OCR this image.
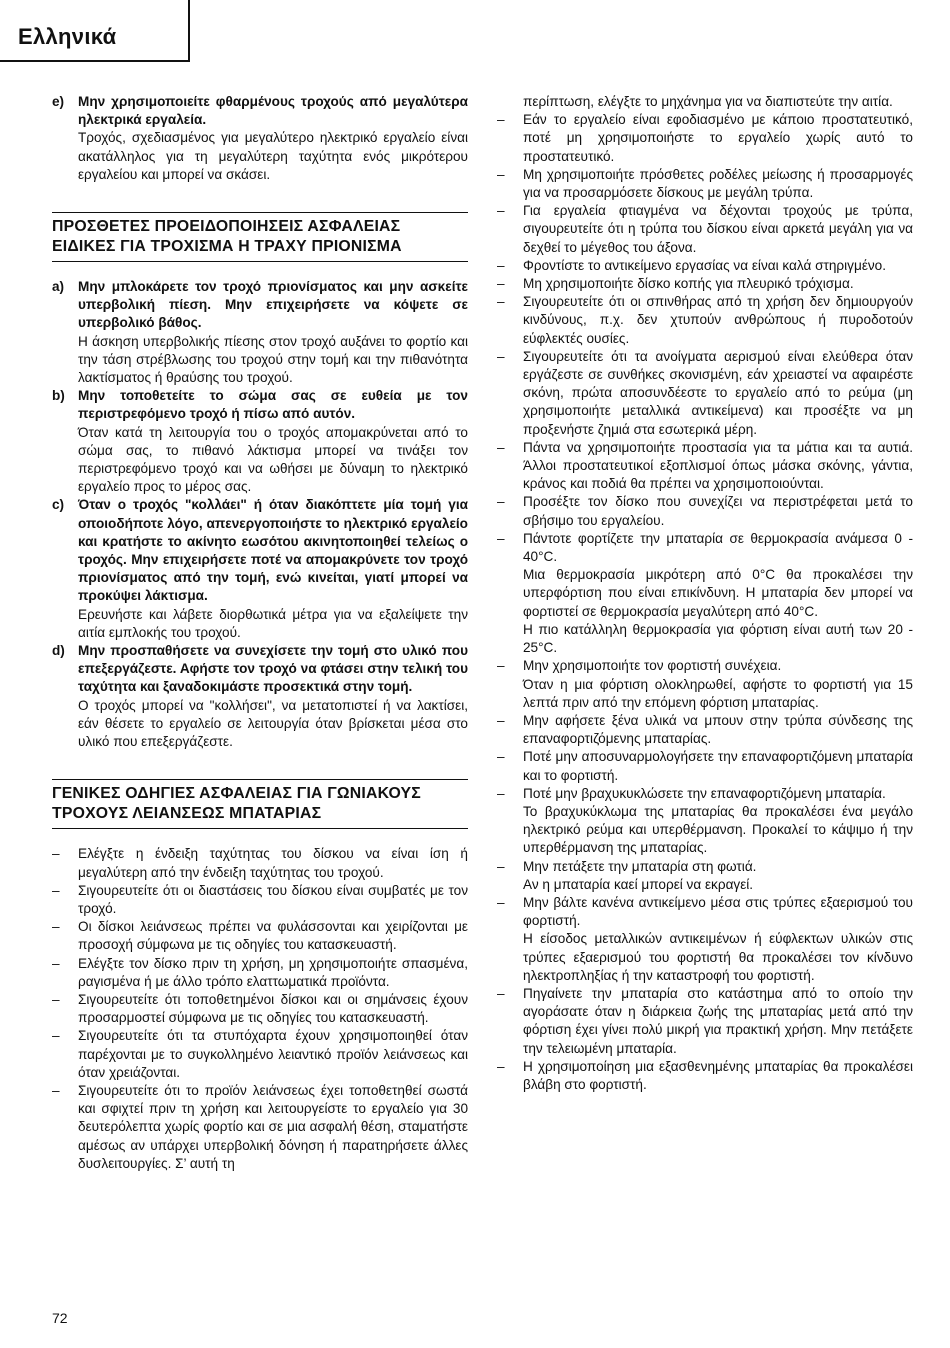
Ελληνικά
e) Μην χρησιμοποιείτε φθαρμένους τροχούς από μεγαλύτερα ηλεκτρικά εργαλεία.
Τροχός, σχεδιασμένος για μεγαλύτερο ηλεκτρικό εργαλείο είναι ακατάλληλος για τη μεγαλύτερη ταχύτητα ενός μικρότερου εργαλείου και μπορεί να σκάσει.
ΠΡΟΣΘΕΤΕΣ ΠΡΟΕΙΔΟΠΟΙΗΣΕΙΣ ΑΣΦΑΛΕΙΑΣ
ΕΙΔΙΚΕΣ ΓΙΑ ΤΡΟΧΙΣΜΑ Η ΤΡΑΧΥ ΠΡΙΟΝΙΣΜΑ
a) Μην μπλοκάρετε τον τροχό πριονίσματος και μην ασκείτε υπερβολική πίεση. Μην επιχειρήσετε να κόψετε σε υπερβολικό βάθος.
Η άσκηση υπερβολικής πίεσης στον τροχό αυξάνει το φορτίο και την τάση στρέβλωσης του τροχού στην τομή και την πιθανότητα λακτίσματος ή θραύσης του τροχού.
b) Μην τοποθετείτε το σώμα σας σε ευθεία με τον περιστρεφόμενο τροχό ή πίσω από αυτόν.
Όταν κατά τη λειτουργία του ο τροχός απομακρύνεται από το σώμα σας, το πιθανό λάκτισμα μπορεί να τινάξει τον περιστρεφόμενο τροχό και να ωθήσει με δύναμη το ηλεκτρικό εργαλείο προς το μέρος σας.
c) Όταν ο τροχός "κολλάει" ή όταν διακόπτετε μία τομή για οποιοδήποτε λόγο, απενεργοποιήστε το ηλεκτρικό εργαλείο και κρατήστε το ακίνητο εωσότου ακινητοποιηθεί τελείως ο τροχός. Μην επιχειρήσετε ποτέ να απομακρύνετε τον τροχό πριονίσματος από την τομή, ενώ κινείται, γιατί μπορεί να προκύψει λάκτισμα.
Ερευνήστε και λάβετε διορθωτικά μέτρα για να εξαλείψετε την αιτία εμπλοκής του τροχού.
d) Μην προσπαθήσετε να συνεχίσετε την τομή στο υλικό που επεξεργάζεστε. Αφήστε τον τροχό να φτάσει στην τελική του ταχύτητα και ξαναδοκιμάστε προσεκτικά στην τομή.
Ο τροχός μπορεί να "κολλήσει", να μετατοπιστεί ή να λακτίσει, εάν θέσετε το εργαλείο σε λειτουργία όταν βρίσκεται μέσα στο υλικό που επεξεργάζεστε.
ΓΕΝΙΚΕΣ ΟΔΗΓΙΕΣ ΑΣΦΑΛΕΙΑΣ ΓΙΑ ΓΩΝΙΑΚΟΥΣ
ΤΡΟΧΟΥΣ ΛΕΙΑΝΣΕΩΣ ΜΠΑΤΑΡΙΑΣ
– Ελέγξτε η ένδειξη ταχύτητας του δίσκου να είναι ίση ή μεγαλύτερη από την ένδειξη ταχύτητας του τροχού.
– Σιγουρευτείτε ότι οι διαστάσεις του δίσκου είναι συμβατές με τον τροχό.
– Οι δίσκοι λειάνσεως πρέπει να φυλάσσονται και χειρίζονται με προσοχή σύμφωνα με τις οδηγίες του κατασκευαστή.
– Ελέγξτε τον δίσκο πριν τη χρήση, μη χρησιμοποιήτε σπασμένα, ραγισμένα ή με άλλο τρόπο ελαττωματικά προϊόντα.
– Σιγουρευτείτε ότι τοποθετημένοι δίσκοι και οι σημάνσεις έχουν προσαρμοστεί σύμφωνα με τις οδηγίες του κατασκευαστή.
– Σιγουρευτείτε ότι τα στυπόχαρτα έχουν χρησιμοποιηθεί όταν παρέχονται με το συγκολλημένο λειαντικό προϊόν λειάνσεως και όταν χρειάζονται.
– Σιγουρευτείτε ότι το προϊόν λειάνσεως έχει τοποθετηθεί σωστά και σφιχτεί πριν τη χρήση και λειτουργείστε το εργαλείο για 30 δευτερόλεπτα χωρίς φορτίο και σε μια ασφαλή θέση, σταματήστε αμέσως αν υπάρχει υπερβολική δόνηση ή παρατηρήσετε άλλες δυσλειτουργίες. Σ’ αυτή τη
περίπτωση, ελέγξτε το μηχάνημα για να διαπιστεύτε την αιτία.
– Εάν το εργαλείο είναι εφοδιασμένο με κάποιο προστατευτικό, ποτέ μη χρησιμοποιήστε το εργαλείο χωρίς αυτό το προστατευτικό.
– Μη χρησιμοποιήτε πρόσθετες ροδέλες μείωσης ή προσαρμογές για να προσαρμόσετε δίσκους με μεγάλη τρύπα.
– Για εργαλεία φτιαγμένα να δέχονται τροχούς με τρύπα, σιγουρευτείτε ότι η τρύπα του δίσκου είναι αρκετά μεγάλη για να δεχθεί το μέγεθος του άξονα.
– Φροντίστε το αντικείμενο εργασίας να είναι καλά στηριγμένο.
– Μη χρησιμοποιήτε δίσκο κοπής για πλευρικό τρόχισμα.
– Σιγουρευτείτε ότι οι σπινθήρας από τη χρήση δεν δημιουργούν κινδύνους, π.χ. δεν χτυπούν ανθρώπους ή πυροδοτούν εύφλεκτές ουσίες.
– Σιγουρευτείτε ότι τα ανοίγματα αερισμού είναι ελεύθερα όταν εργάζεστε σε συνθήκες σκονισμένη, εάν χρειαστεί να αφαιρέστε σκόνη, πρώτα αποσυνδέεστε το εργαλείο από το ρεύμα (μη χρησιμοποιήτε μεταλλικά αντικείμενα) και προσέξτε να μη προξενήστε ζημιά στα εσωτερικά μέρη.
– Πάντα να χρησιμοποιήτε προστασία για τα μάτια και τα αυτιά. Άλλοι προστατευτικοί εξοπλισμοί όπως μάσκα σκόνης, γάντια, κράνος και ποδιά θα πρέπει να χρησιμοποιούνται.
– Προσέξτε τον δίσκο που συνεχίζει να περιστρέφεται μετά το σβήσιμο του εργαλείου.
– Πάντοτε φορτίζετε την μπαταρία σε θερμοκρασία ανάμεσα 0 - 40°C.
Μια θερμοκρασία μικρότερη από 0°C θα προκαλέσει την υπερφόρτιση που είναι επικίνδυνη. Η μπαταρία δεν μπορεί να φορτιστεί σε θερμοκρασία μεγαλύτερη από 40°C.
Η πιο κατάλληλη θερμοκρασία για φόρτιση είναι αυτή των 20 - 25°C.
– Μην χρησιμοποιήτε τον φορτιστή συνέχεια.
Όταν η μια φόρτιση ολοκληρωθεί, αφήστε το φορτιστή για 15 λεπτά πριν από την επόμενη φόρτιση μπαταρίας.
– Μην αφήσετε ξένα υλικά να μπουν στην τρύπα σύνδεσης της επαναφορτιζόμενης μπαταρίας.
– Ποτέ μην αποσυναρμολογήσετε την επαναφορτιζόμενη μπαταρία και το φορτιστή.
– Ποτέ μην βραχυκυκλώσετε την επαναφορτιζόμενη μπαταρία.
Το βραχυκύκλωμα της μπαταρίας θα προκαλέσει ένα μεγάλο ηλεκτρικό ρεύμα και υπερθέρμανση. Προκαλεί το κάψιμο ή την υπερθέρμανση της μπαταρίας.
– Μην πετάξετε την μπαταρία στη φωτιά.
Αν η μπαταρία καεί μπορεί να εκραγεί.
– Μην βάλτε κανένα αντικείμενο μέσα στις τρύπες εξαερισμού του φορτιστή.
Η είσοδος μεταλλικών αντικειμένων ή εύφλεκτων υλικών στις τρύπες εξαερισμού του φορτιστή θα προκαλέσει τον κίνδυνο ηλεκτροπληξίας ή την καταστροφή του φορτιστή.
– Πηγαίνετε την μπαταρία στο κατάστημα από το οποίο την αγοράσατε όταν η διάρκεια ζωής της μπαταρίας μετά από την φόρτιση έχει γίνει πολύ μικρή για πρακτική χρήση. Μην πετάξετε την τελειωμένη μπαταρία.
– Η χρησιμοποίηση μια εξασθενημένης μπαταρίας θα προκαλέσει βλάβη στο φορτιστή.
72
